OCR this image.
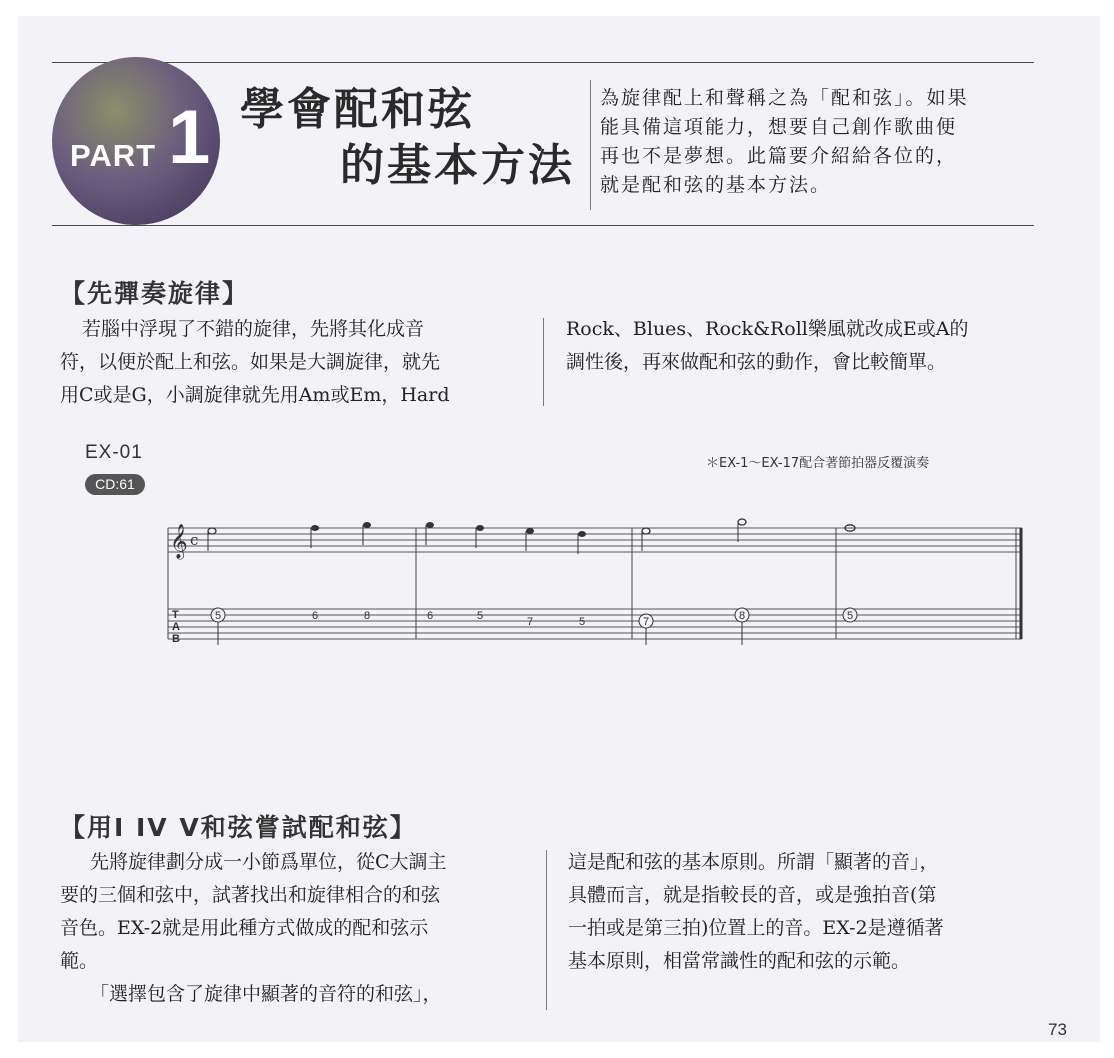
PART 1 學會配和弦
的基本方法
為旋律配上和聲稱之為「配和弦」。如果
能具備這項能力，想要自己創作歌曲便
再也不是夢想。此篇要介紹給各位的，
就是配和弦的基本方法。
【先彈奏旋律】
若腦中浮現了不錯的旋律，先將其化成音
符，以便於配上和弦。如果是大調旋律，就先
用C或是G，小調旋律就先用Am或Em，Hard
Rock、Blues、Rock&Roll樂風就改成E或A的
調性後，再來做配和弦的動作，會比較簡單。
EX-01
CD:61
＊EX-1～EX-17配合著節拍器反覆演奏
𝄞 c
T
A
B
5	6	8	6	5	7	5	7	8	5
【用I IV V和弦嘗試配和弦】
先將旋律劃分成一小節爲單位，從C大調主
要的三個和弦中，試著找出和旋律相合的和弦
音色。EX-2就是用此種方式做成的配和弦示
範。
「選擇包含了旋律中顯著的音符的和弦」，
這是配和弦的基本原則。所謂「顯著的音」，
具體而言，就是指較長的音，或是強拍音(第
一拍或是第三拍)位置上的音。EX-2是遵循著
基本原則，相當常識性的配和弦的示範。
73
